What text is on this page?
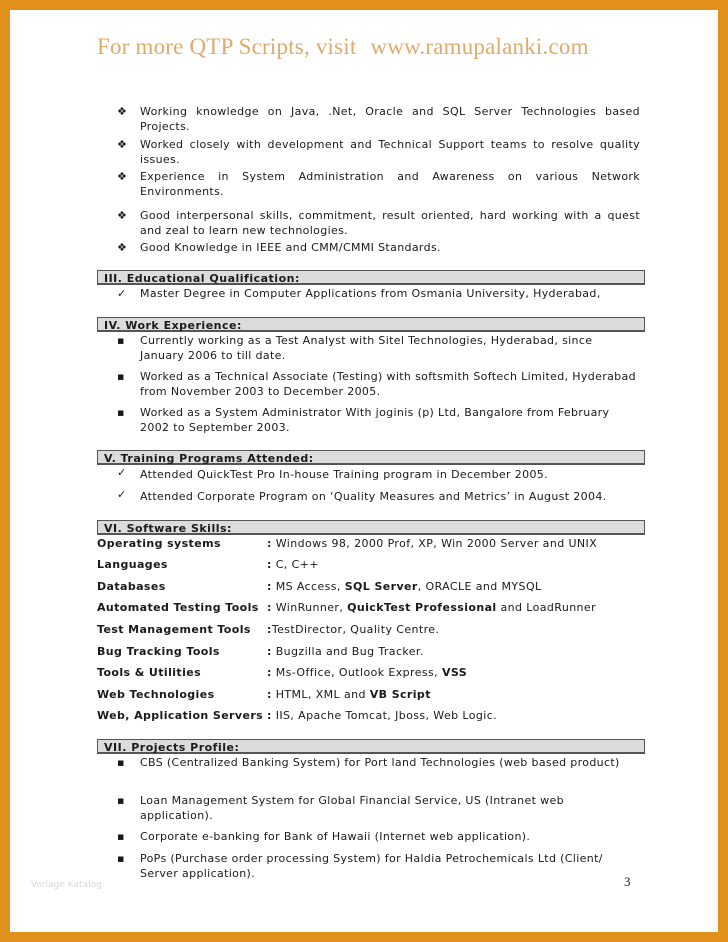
For more QTP Scripts, visit www.ramupalanki.com
❖	Working knowledge on Java, .Net, Oracle and SQL Server Technologies based Projects.
❖	Worked closely with development and Technical Support teams to resolve quality issues.
❖	Experience in System Administration and Awareness on various Network Environments.
❖	Good interpersonal skills, commitment, result oriented, hard working with a quest and zeal to learn new technologies.
❖	Good Knowledge in IEEE and CMM/CMMI Standards.
III. Educational Qualification:
✓	Master Degree in Computer Applications from Osmania University, Hyderabad,
IV. Work Experience:
▪	Currently working as a Test Analyst with Sitel Technologies, Hyderabad, since January 2006 to till date.
▪	Worked as a Technical Associate (Testing) with softsmith Softech Limited, Hyderabad from November 2003 to December 2005.
▪	Worked as a System Administrator With joginis (p) Ltd, Bangalore from February 2002 to September 2003.
V. Training Programs Attended:
✓	Attended QuickTest Pro In-house Training program in December 2005.
✓	Attended Corporate Program on ‘Quality Measures and Metrics’ in August 2004.
VI. Software Skills:
Operating systems	: Windows 98, 2000 Prof, XP, Win 2000 Server and UNIX
Languages	: C, C++
Databases	: MS Access, SQL Server, ORACLE and MYSQL
Automated Testing Tools : WinRunner, QuickTest Professional and LoadRunner
Test Management Tools :TestDirector, Quality Centre.
Bug Tracking Tools	: Bugzilla and Bug Tracker.
Tools & Utilities	: Ms-Office, Outlook Express, VSS
Web Technologies	: HTML, XML and VB Script
Web, Application Servers : IIS, Apache Tomcat, Jboss, Web Logic.
VII. Projects Profile:
▪	CBS (Centralized Banking System) for Port land Technologies (web based product)
▪	Loan Management System for Global Financial Service, US (Intranet web application).
▪	Corporate e-banking for Bank of Hawaii (Internet web application).
▪	PoPs (Purchase order processing System) for Haldia Petrochemicals Ltd (Client/ Server application).
3
Vorlage Katalog
